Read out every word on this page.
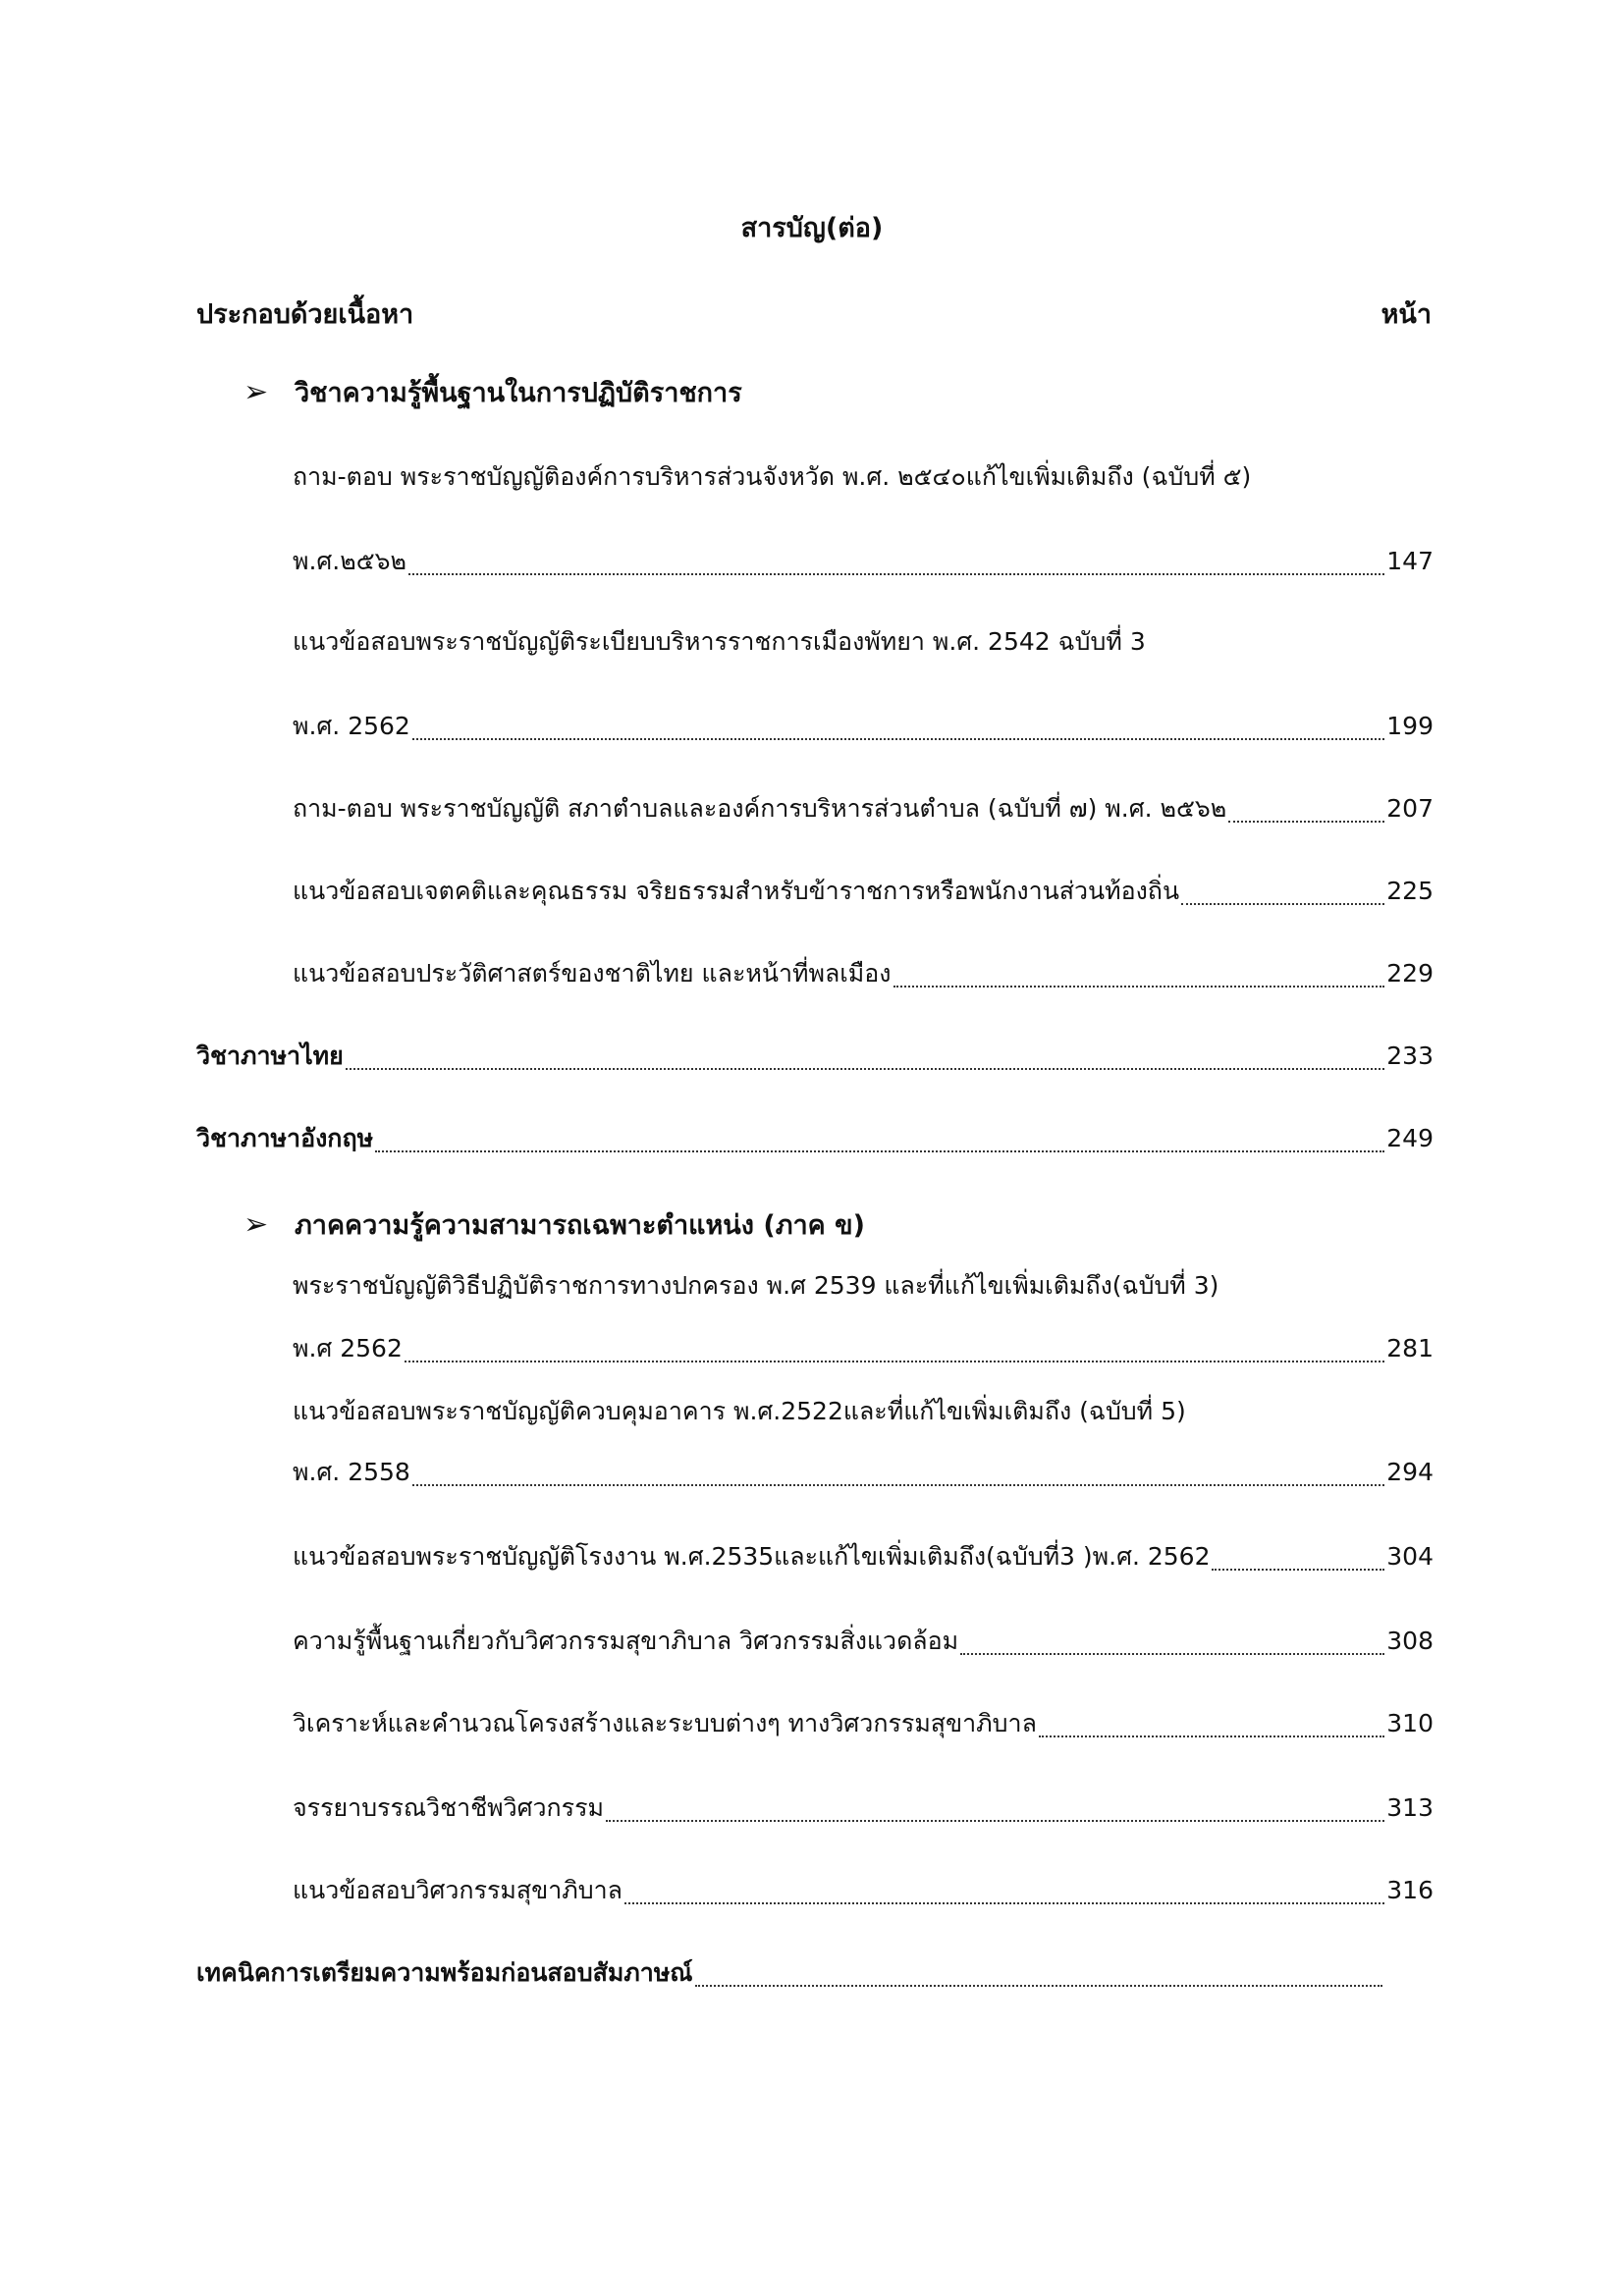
สารบัญ(ต่อ)
ประกอบด้วยเนื้อหา	หน้า
➢ วิชาความรู้พื้นฐานในการปฏิบัติราชการ
ถาม-ตอบ พระราชบัญญัติองค์การบริหารส่วนจังหวัด พ.ศ. ๒๕๔๐แก้ไขเพิ่มเติมถึง (ฉบับที่ ๕)
พ.ศ.๒๕๖๒	147
แนวข้อสอบพระราชบัญญัติระเบียบบริหารราชการเมืองพัทยา พ.ศ. 2542 ฉบับที่ 3
พ.ศ. 2562	199
ถาม-ตอบ พระราชบัญญัติ สภาตำบลและองค์การบริหารส่วนตำบล (ฉบับที่ ๗) พ.ศ. ๒๕๖๒	207
แนวข้อสอบเจตคติและคุณธรรม จริยธรรมสำหรับข้าราชการหรือพนักงานส่วนท้องถิ่น	225
แนวข้อสอบประวัติศาสตร์ของชาติไทย และหน้าที่พลเมือง	229
วิชาภาษาไทย	233
วิชาภาษาอังกฤษ	249
➢ ภาคความรู้ความสามารถเฉพาะตำแหน่ง (ภาค ข)
พระราชบัญญัติวิธีปฏิบัติราชการทางปกครอง พ.ศ 2539 และที่แก้ไขเพิ่มเติมถึง(ฉบับที่ 3)
พ.ศ 2562	281
แนวข้อสอบพระราชบัญญัติควบคุมอาคาร พ.ศ.2522และที่แก้ไขเพิ่มเติมถึง (ฉบับที่ 5)
พ.ศ. 2558	294
แนวข้อสอบพระราชบัญญัติโรงงาน พ.ศ.2535และแก้ไขเพิ่มเติมถึง(ฉบับที่3 )พ.ศ. 2562	304
ความรู้พื้นฐานเกี่ยวกับวิศวกรรมสุขาภิบาล วิศวกรรมสิ่งแวดล้อม	308
วิเคราะห์และคำนวณโครงสร้างและระบบต่างๆ ทางวิศวกรรมสุขาภิบาล	310
จรรยาบรรณวิชาชีพวิศวกรรม	313
แนวข้อสอบวิศวกรรมสุขาภิบาล	316
เทคนิคการเตรียมความพร้อมก่อนสอบสัมภาษณ์
